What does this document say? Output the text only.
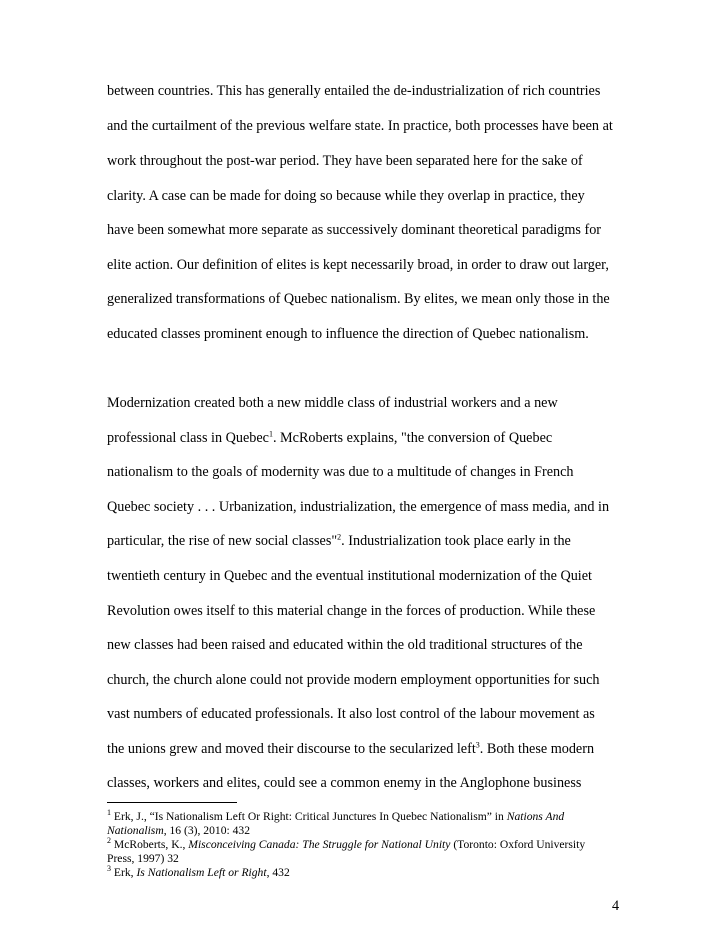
between countries. This has generally entailed the de-industrialization of rich countries
and the curtailment of the previous welfare state. In practice, both processes have been at
work throughout the post-war period. They have been separated here for the sake of
clarity. A case can be made for doing so because while they overlap in practice, they
have been somewhat more separate as successively dominant theoretical paradigms for
elite action. Our definition of elites is kept necessarily broad, in order to draw out larger,
generalized transformations of Quebec nationalism. By elites, we mean only those in the
educated classes prominent enough to influence the direction of Quebec nationalism.
Modernization created both a new middle class of industrial workers and a new
professional class in Quebec$^1$. McRoberts explains, "the conversion of Quebec
nationalism to the goals of modernity was due to a multitude of changes in French
Quebec society . . . Urbanization, industrialization, the emergence of mass media, and in
particular, the rise of new social classes"$^2$. Industrialization took place early in the
twentieth century in Quebec and the eventual institutional modernization of the Quiet
Revolution owes itself to this material change in the forces of production. While these
new classes had been raised and educated within the old traditional structures of the
church, the church alone could not provide modern employment opportunities for such
vast numbers of educated professionals. It also lost control of the labour movement as
the unions grew and moved their discourse to the secularized left$^3$. Both these modern
classes, workers and elites, could see a common enemy in the Anglophone business
$^1$ Erk, J., “Is Nationalism Left Or Right: Critical Junctures In Quebec Nationalism” in Nations And
Nationalism, 16 (3), 2010: 432
$^2$ McRoberts, K., Misconceiving Canada: The Struggle for National Unity (Toronto: Oxford University
Press, 1997) 32
$^3$ Erk, Is Nationalism Left or Right, 432
4
